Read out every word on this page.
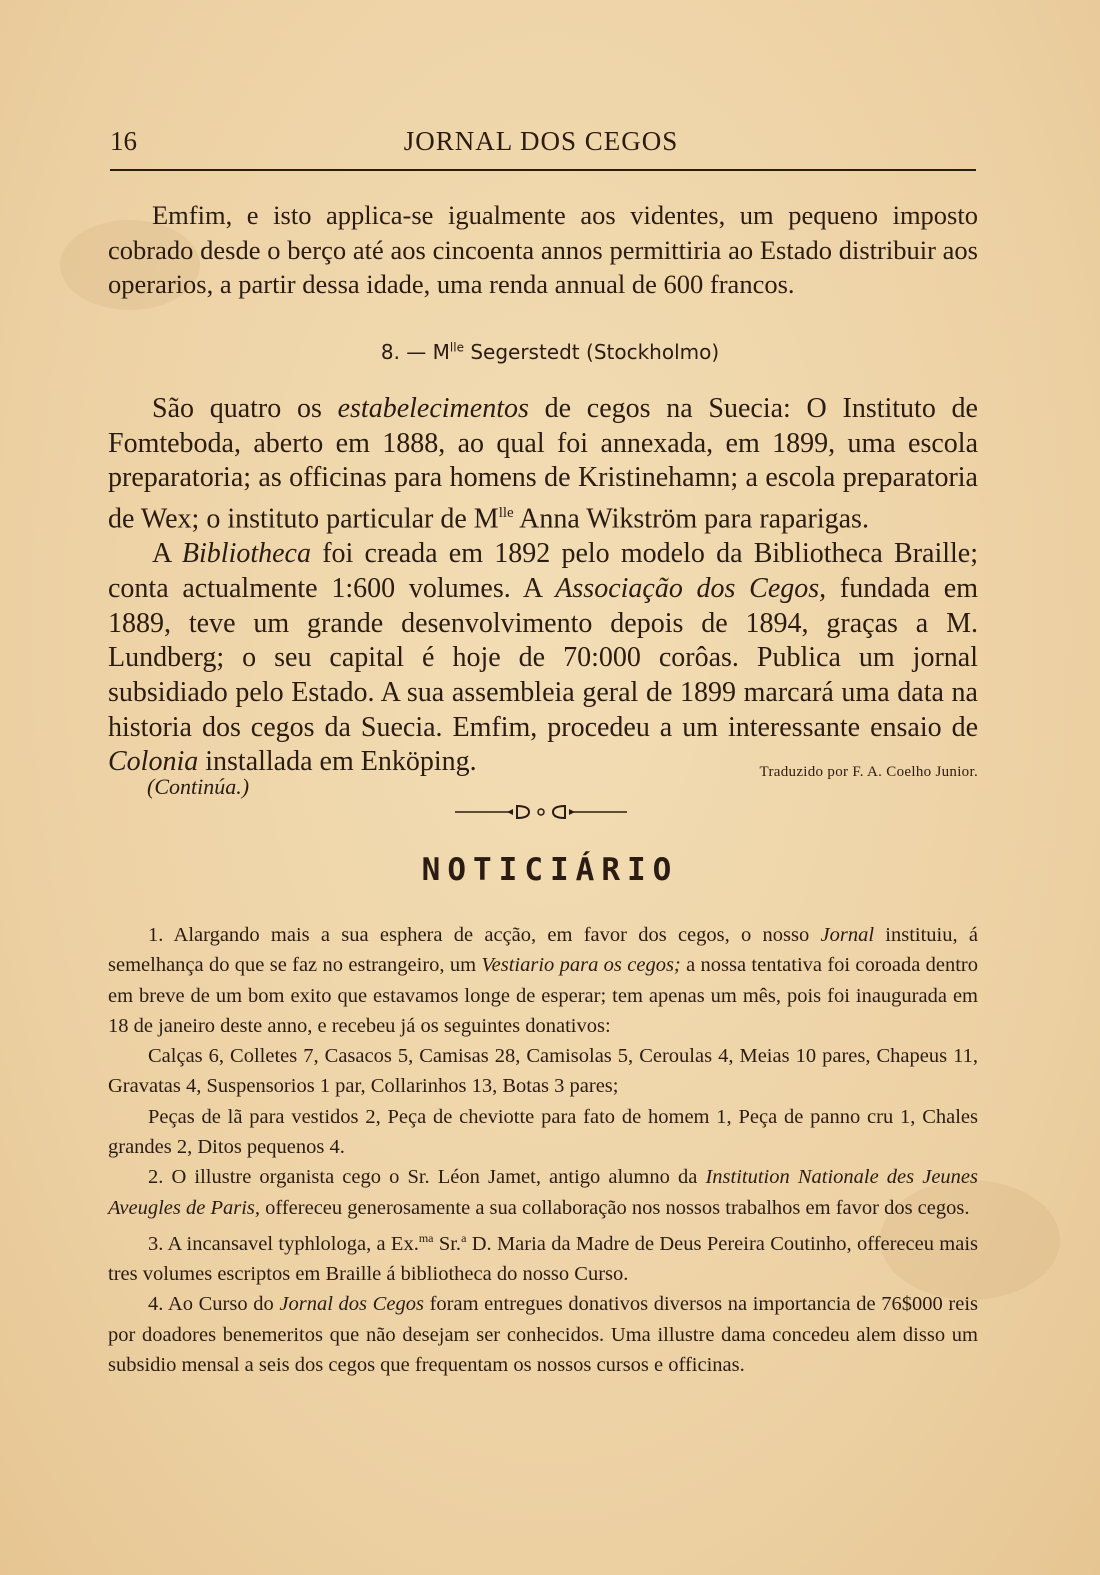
16	JORNAL DOS CEGOS

Emfim, e isto applica-se igualmente aos videntes, um pequeno imposto cobrado desde o berço até aos cincoenta annos permittiria ao Estado distribuir aos operarios, a partir dessa idade, uma renda annual de 600 francos.

8. — $M^{lle}$ Segerstedt (Stockholmo)

São quatro os estabelecimentos de cegos na Suecia: O Instituto de Fomteboda, aberto em 1888, ao qual foi annexada, em 1899, uma escola preparatoria; as officinas para homens de Kristinehamn; a escola preparatoria de Wex; o instituto particular de $M^{lle}$ Anna Wikström para raparigas.

A Bibliotheca foi creada em 1892 pelo modelo da Bibliotheca Braille; conta actualmente 1:600 volumes. A Associação dos Cegos, fundada em 1889, teve um grande desenvolvimento depois de 1894, graças a M. Lundberg; o seu capital é hoje de 70:000 corôas. Publica um jornal subsidiado pelo Estado. A sua assembleia geral de 1899 marcará uma data na historia dos cegos da Suecia. Emfim, procedeu a um interessante ensaio de Colonia installada em Enköping.	Traduzido por F. A. Coelho Junior.

(Continúa.)
NOTICIÁRIO

1. Alargando mais a sua esphera de acção, em favor dos cegos, o nosso Jornal instituiu, á semelhança do que se faz no estrangeiro, um Vestiario para os cegos; a nossa tentativa foi coroada dentro em breve de um bom exito que estavamos longe de esperar; tem apenas um mês, pois foi inaugurada em 18 de janeiro deste anno, e recebeu já os seguintes donativos:

Calças 6, Colletes 7, Casacos 5, Camisas 28, Camisolas 5, Ceroulas 4, Meias 10 pares, Chapeus 11, Gravatas 4, Suspensorios 1 par, Collarinhos 13, Botas 3 pares;

Peças de lã para vestidos 2, Peça de cheviotte para fato de homem 1, Peça de panno cru 1, Chales grandes 2, Ditos pequenos 4.

2. O illustre organista cego o Sr. Léon Jamet, antigo alumno da Institution Nationale des Jeunes Aveugles de Paris, offereceu generosamente a sua collaboração nos nossos trabalhos em favor dos cegos.

3. A incansavel typhlologa, a Ex.$^{ma}$ Sr.$^a$ D. Maria da Madre de Deus Pereira Coutinho, offereceu mais tres volumes escriptos em Braille á bibliotheca do nosso Curso.

4. Ao Curso do Jornal dos Cegos foram entregues donativos diversos na importancia de 76$000 reis por doadores benemeritos que não desejam ser conhecidos. Uma illustre dama concedeu alem disso um subsidio mensal a seis dos cegos que frequentam os nossos cursos e officinas.
